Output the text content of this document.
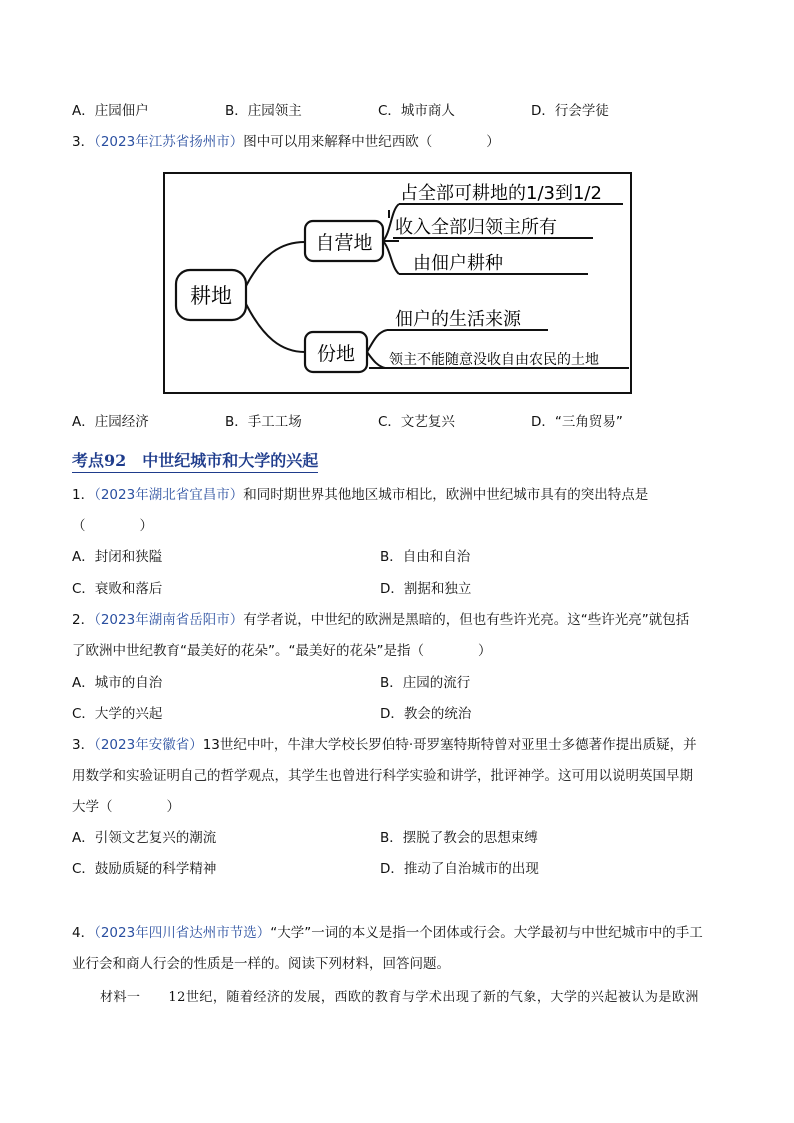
A．庄园佃户	B．庄园领主	C．城市商人	D．行会学徒
3．（2023年江苏省扬州市）图中可以用来解释中世纪西欧（　　　　）
耕地
自营地
份地
占全部可耕地的1/3到1/2
收入全部归领主所有
由佃户耕种
佃户的生活来源
领主不能随意没收自由农民的土地
A．庄园经济	B．手工工场	C．文艺复兴	D．“三角贸易”
考点92　中世纪城市和大学的兴起
1．（2023年湖北省宜昌市）和同时期世界其他地区城市相比，欧洲中世纪城市具有的突出特点是
（　　　　）
A．封闭和狭隘	B．自由和自治
C．衰败和落后	D．割据和独立
2．（2023年湖南省岳阳市）有学者说，中世纪的欧洲是黑暗的，但也有些许光亮。这“些许光亮”就包括
了欧洲中世纪教育“最美好的花朵”。“最美好的花朵”是指（　　　　）
A．城市的自治	B．庄园的流行
C．大学的兴起	D．教会的统治
3．（2023年安徽省）13世纪中叶，牛津大学校长罗伯特·哥罗塞特斯特曾对亚里士多德著作提出质疑，并
用数学和实验证明自己的哲学观点，其学生也曾进行科学实验和讲学，批评神学。这可用以说明英国早期
大学（　　　　）
A．引领文艺复兴的潮流	B．摆脱了教会的思想束缚
C．鼓励质疑的科学精神	D．推动了自治城市的出现
4．（2023年四川省达州市节选）“大学”一词的本义是指一个团体或行会。大学最初与中世纪城市中的手工
业行会和商人行会的性质是一样的。阅读下列材料，回答问题。
材料一 12世纪，随着经济的发展，西欧的教育与学术出现了新的气象，大学的兴起被认为是欧洲
